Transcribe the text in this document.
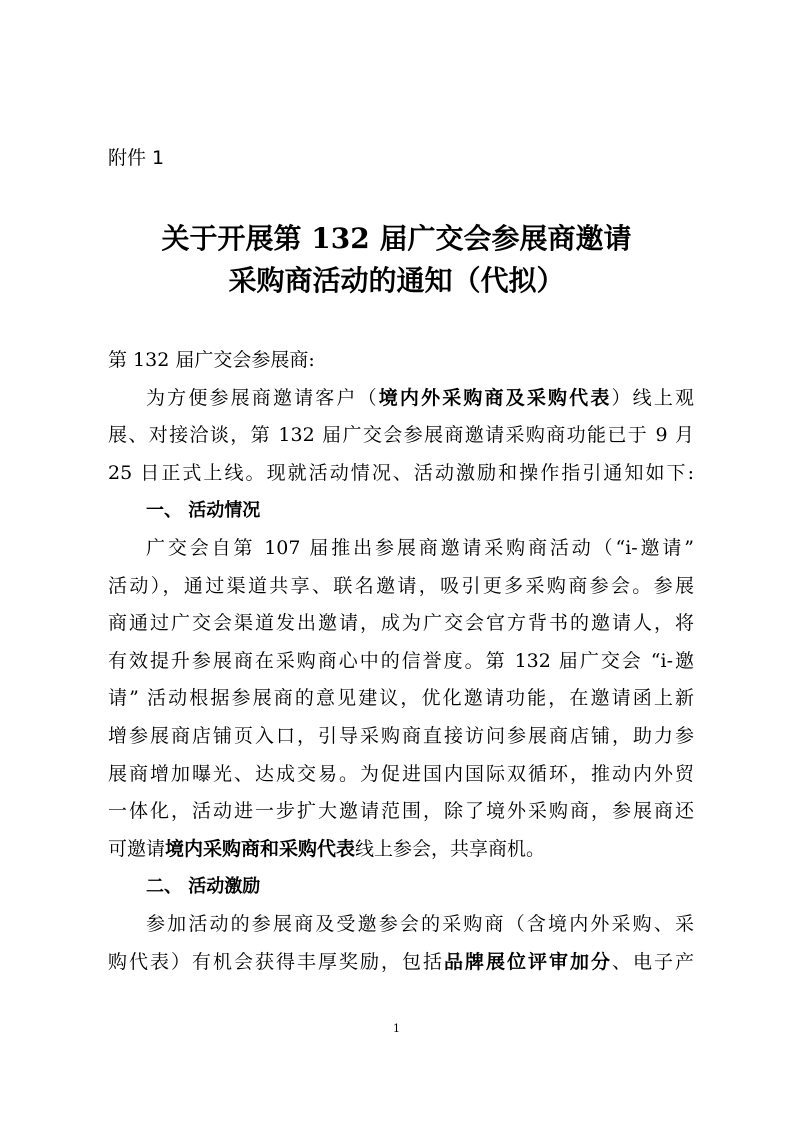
附件 1
关于开展第 132 届广交会参展商邀请
采购商活动的通知（代拟）
第 132 届广交会参展商:
为方便参展商邀请客户（境内外采购商及采购代表）线上观
展、对接洽谈，第 132 届广交会参展商邀请采购商功能已于 9 月
25 日正式上线。现就活动情况、活动激励和操作指引通知如下:
一、 活动情况
广交会自第 107 届推出参展商邀请采购商活动（“i-邀请”
活动），通过渠道共享、联名邀请，吸引更多采购商参会。参展
商通过广交会渠道发出邀请，成为广交会官方背书的邀请人，将
有效提升参展商在采购商心中的信誉度。第 132 届广交会 “i-邀
请” 活动根据参展商的意见建议，优化邀请功能，在邀请函上新
增参展商店铺页入口，引导采购商直接访问参展商店铺，助力参
展商增加曝光、达成交易。为促进国内国际双循环，推动内外贸
一体化，活动进一步扩大邀请范围，除了境外采购商，参展商还
可邀请境内采购商和采购代表线上参会，共享商机。
二、 活动激励
参加活动的参展商及受邀参会的采购商（含境内外采购、采
购代表）有机会获得丰厚奖励，包括品牌展位评审加分、电子产
1
